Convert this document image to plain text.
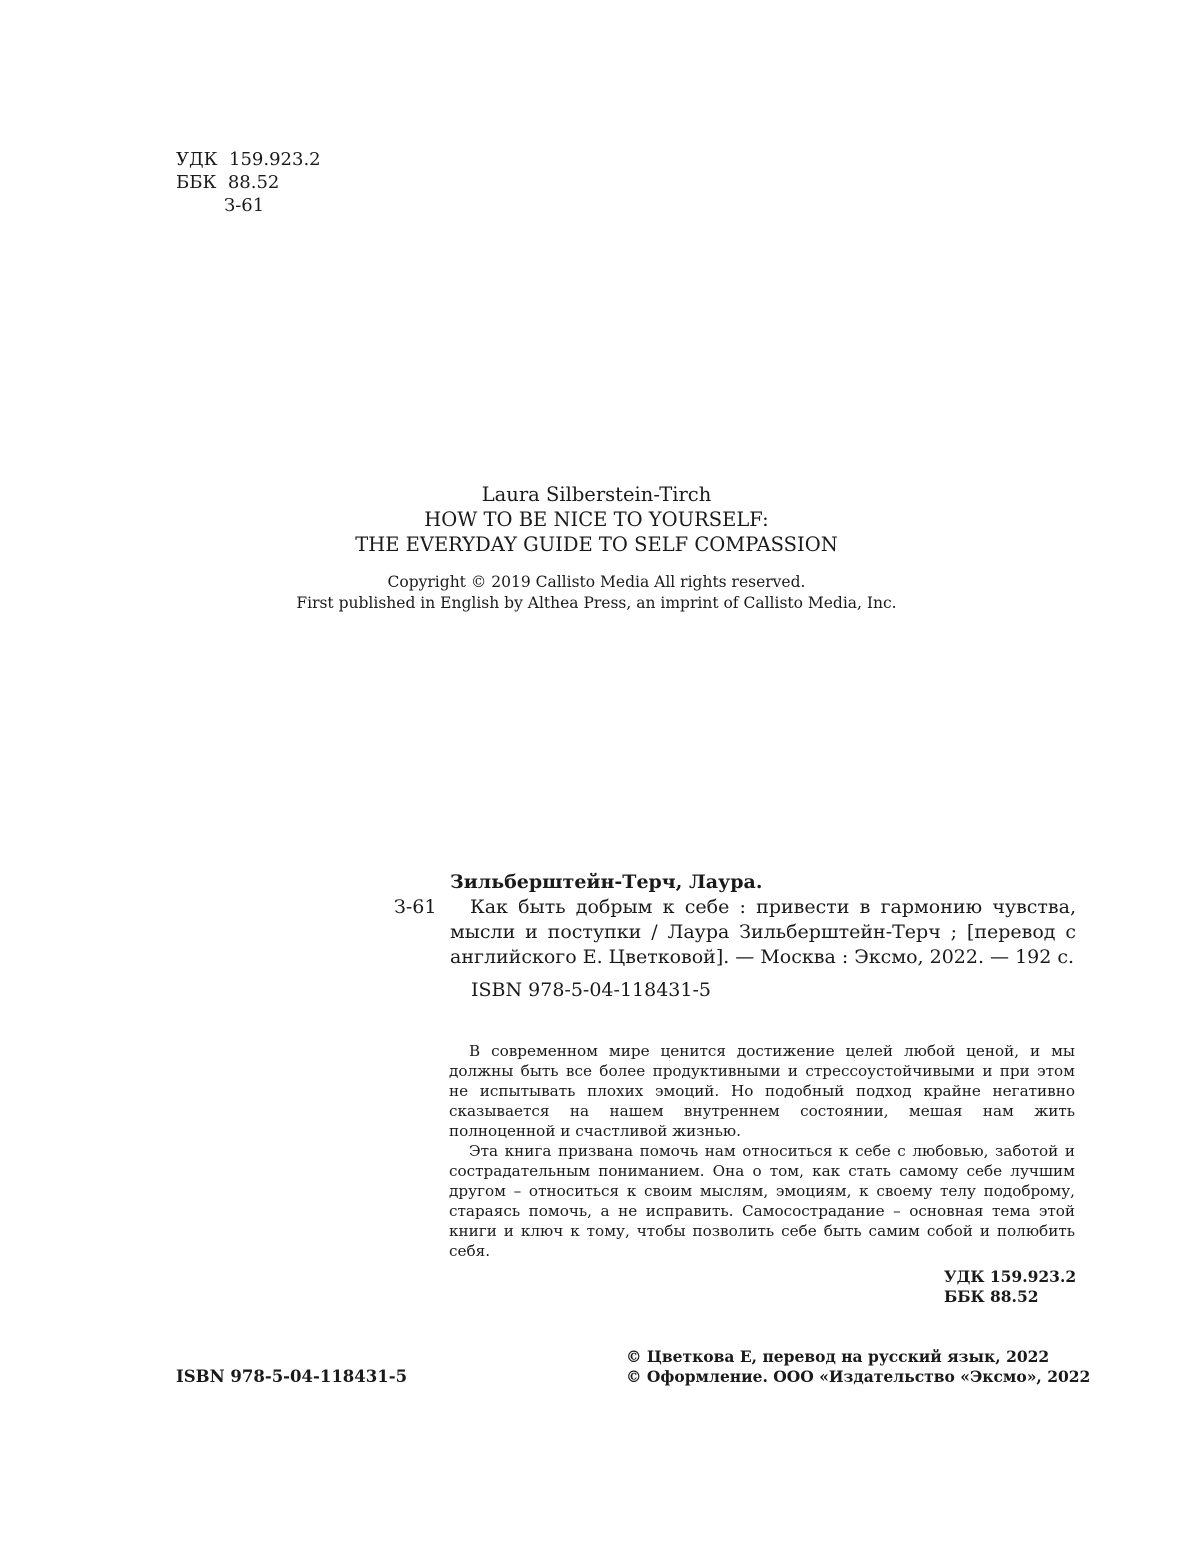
УДК  159.923.2
ББК  88.52
З-61
Laura Silberstein-Tirch
HOW TO BE NICE TO YOURSELF:
THE EVERYDAY GUIDE TO SELF COMPASSION
Copyright © 2019 Callisto Media All rights reserved.
First published in English by Althea Press, an imprint of Callisto Media, Inc.
Зильберштейн-Терч, Лаура.
З-61	Как быть добрым к себе : привести в гармонию чувства, мысли и поступки / Лаура Зильберштейн-Терч ; [перевод с английского Е. Цветковой]. — Москва : Эксмо, 2022. — 192 с.
ISBN 978-5-04-118431-5

В современном мире ценится достижение целей любой ценой, и мы должны быть все более продуктивными и стрессоустойчивыми и при этом не испытывать плохих эмоций. Но подобный подход крайне негативно сказывается на нашем внутреннем состоянии, мешая нам жить полноценной и счастливой жизнью.

Эта книга призвана помочь нам относиться к себе с любовью, заботой и сострадательным пониманием. Она о том, как стать самому себе лучшим другом – относиться к своим мыслям, эмоциям, к своему телу подоброму, стараясь помочь, а не исправить. Самосострадание – основная тема этой книги и ключ к тому, чтобы позволить себе быть самим собой и полюбить себя.

УДК 159.923.2
ББК 88.52
ISBN 978-5-04-118431-5
© Цветкова Е, перевод на русский язык, 2022
© Оформление. ООО «Издательство «Эксмо», 2022
